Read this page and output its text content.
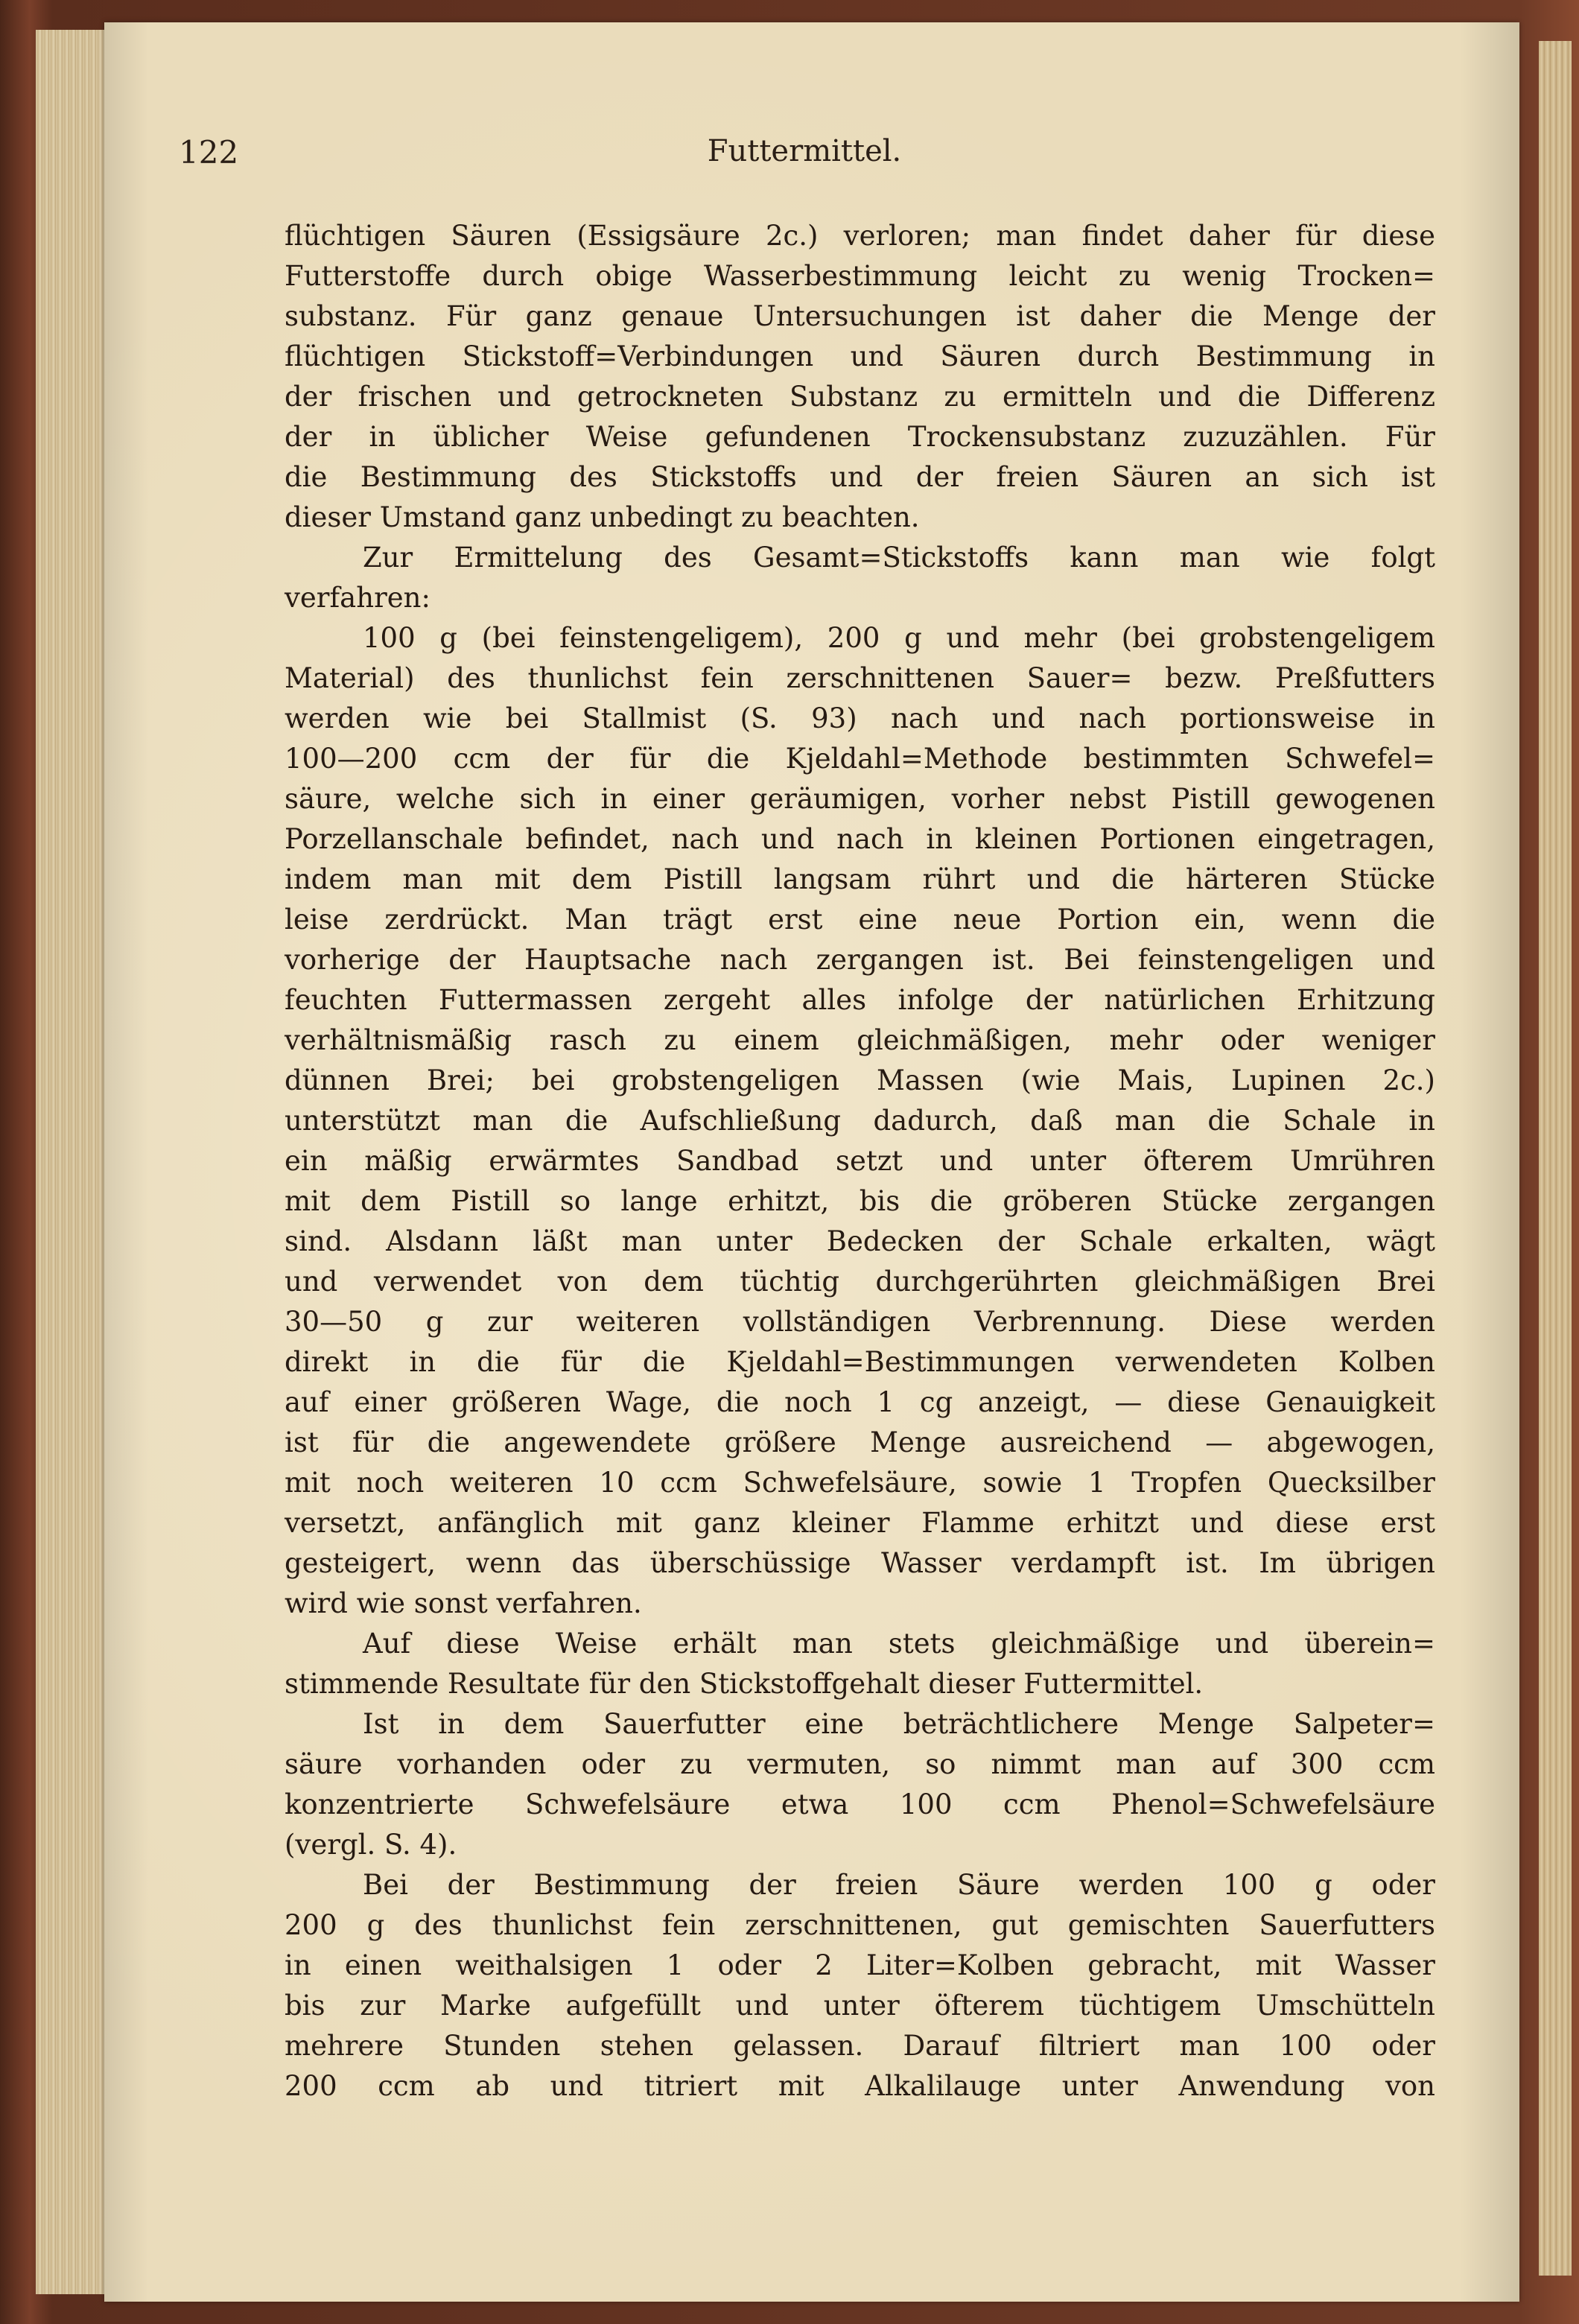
122	Futtermittel.
flüchtigen Säuren (Essigsäure 2c.) verloren; man findet daher für diese
Futterstoffe durch obige Wasserbestimmung leicht zu wenig Trocken=
substanz. Für ganz genaue Untersuchungen ist daher die Menge der
flüchtigen Stickstoff=Verbindungen und Säuren durch Bestimmung in
der frischen und getrockneten Substanz zu ermitteln und die Differenz
der in üblicher Weise gefundenen Trockensubstanz zuzuzählen. Für
die Bestimmung des Stickstoffs und der freien Säuren an sich ist
dieser Umstand ganz unbedingt zu beachten.
Zur Ermittelung des Gesamt=Stickstoffs kann man wie folgt
verfahren:
100 g (bei feinstengeligem), 200 g und mehr (bei grobstengeligem
Material) des thunlichst fein zerschnittenen Sauer= bezw. Preßfutters
werden wie bei Stallmist (S. 93) nach und nach portionsweise in
100—200 ccm der für die Kjeldahl=Methode bestimmten Schwefel=
säure, welche sich in einer geräumigen, vorher nebst Pistill gewogenen
Porzellanschale befindet, nach und nach in kleinen Portionen eingetragen,
indem man mit dem Pistill langsam rührt und die härteren Stücke
leise zerdrückt. Man trägt erst eine neue Portion ein, wenn die
vorherige der Hauptsache nach zergangen ist. Bei feinstengeligen und
feuchten Futtermassen zergeht alles infolge der natürlichen Erhitzung
verhältnismäßig rasch zu einem gleichmäßigen, mehr oder weniger
dünnen Brei; bei grobstengeligen Massen (wie Mais, Lupinen 2c.)
unterstützt man die Aufschließung dadurch, daß man die Schale in
ein mäßig erwärmtes Sandbad setzt und unter öfterem Umrühren
mit dem Pistill so lange erhitzt, bis die gröberen Stücke zergangen
sind. Alsdann läßt man unter Bedecken der Schale erkalten, wägt
und verwendet von dem tüchtig durchgerührten gleichmäßigen Brei
30—50 g zur weiteren vollständigen Verbrennung. Diese werden
direkt in die für die Kjeldahl=Bestimmungen verwendeten Kolben
auf einer größeren Wage, die noch 1 cg anzeigt, — diese Genauigkeit
ist für die angewendete größere Menge ausreichend — abgewogen,
mit noch weiteren 10 ccm Schwefelsäure, sowie 1 Tropfen Quecksilber
versetzt, anfänglich mit ganz kleiner Flamme erhitzt und diese erst
gesteigert, wenn das überschüssige Wasser verdampft ist. Im übrigen
wird wie sonst verfahren.
Auf diese Weise erhält man stets gleichmäßige und überein=
stimmende Resultate für den Stickstoffgehalt dieser Futtermittel.
Ist in dem Sauerfutter eine beträchtlichere Menge Salpeter=
säure vorhanden oder zu vermuten, so nimmt man auf 300 ccm
konzentrierte Schwefelsäure etwa 100 ccm Phenol=Schwefelsäure
(vergl. S. 4).
Bei der Bestimmung der freien Säure werden 100 g oder
200 g des thunlichst fein zerschnittenen, gut gemischten Sauerfutters
in einen weithalsigen 1 oder 2 Liter=Kolben gebracht, mit Wasser
bis zur Marke aufgefüllt und unter öfterem tüchtigem Umschütteln
mehrere Stunden stehen gelassen. Darauf filtriert man 100 oder
200 ccm ab und titriert mit Alkalilauge unter Anwendung von
